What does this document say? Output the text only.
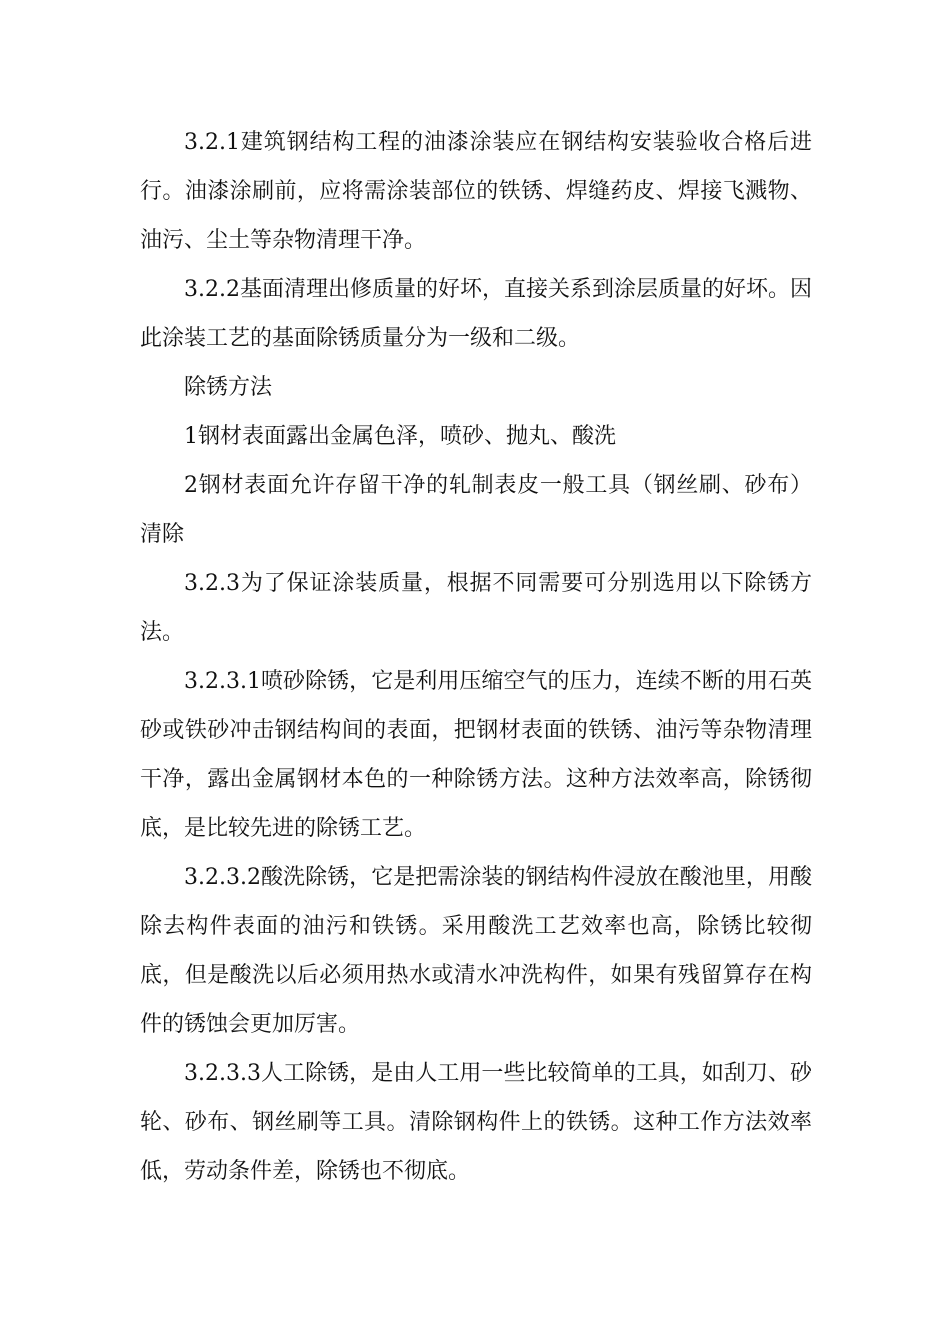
3.2.1建筑钢结构工程的油漆涂装应在钢结构安装验收合格后进行。油漆涂刷前，应将需涂装部位的铁锈、焊缝药皮、焊接飞溅物、油污、尘土等杂物清理干净。

3.2.2基面清理出修质量的好坏，直接关系到涂层质量的好坏。因此涂装工艺的基面除锈质量分为一级和二级。

除锈方法

1钢材表面露出金属色泽，喷砂、抛丸、酸洗

2钢材表面允许存留干净的轧制表皮一般工具（钢丝刷、砂布）清除

3.2.3为了保证涂装质量，根据不同需要可分别选用以下除锈方法。

3.2.3.1喷砂除锈，它是利用压缩空气的压力，连续不断的用石英砂或铁砂冲击钢结构间的表面，把钢材表面的铁锈、油污等杂物清理干净，露出金属钢材本色的一种除锈方法。这种方法效率高，除锈彻底，是比较先进的除锈工艺。

3.2.3.2酸洗除锈，它是把需涂装的钢结构件浸放在酸池里，用酸除去构件表面的油污和铁锈。采用酸洗工艺效率也高，除锈比较彻底，但是酸洗以后必须用热水或清水冲洗构件，如果有残留算存在构件的锈蚀会更加厉害。

3.2.3.3人工除锈，是由人工用一些比较简单的工具，如刮刀、砂轮、砂布、钢丝刷等工具。清除钢构件上的铁锈。这种工作方法效率低，劳动条件差，除锈也不彻底。
